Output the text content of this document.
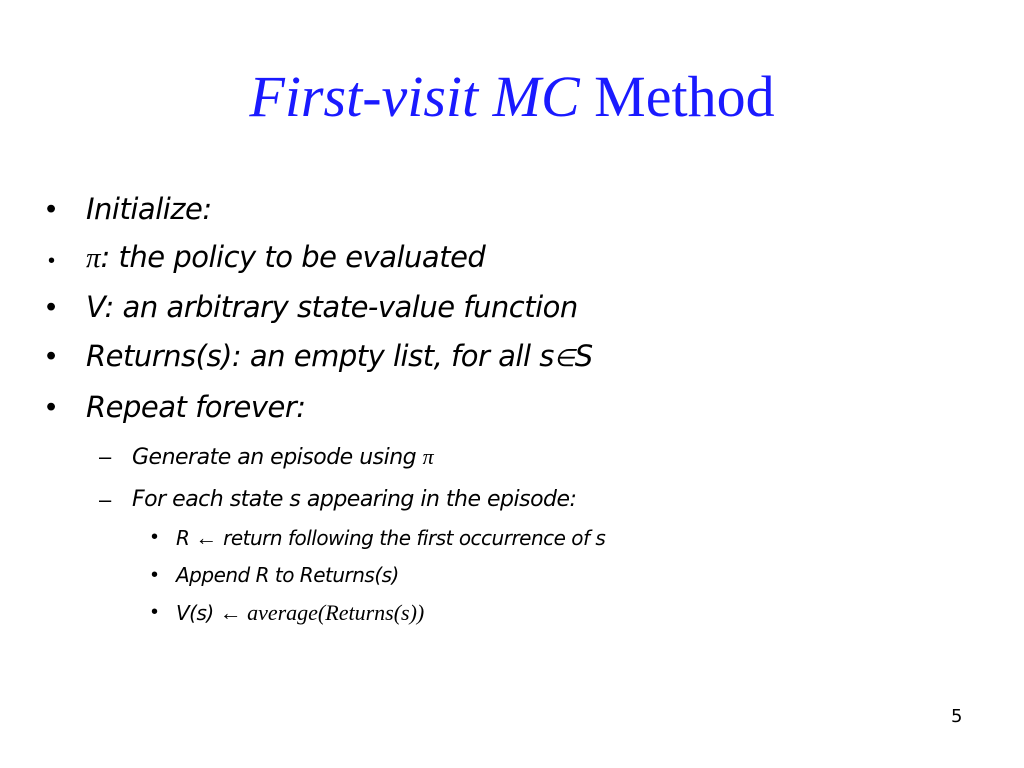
First-visit MC Method
• Initialize:
• π: the policy to be evaluated
• V: an arbitrary state-value function
• Returns(s): an empty list, for all s∈S
• Repeat forever:
– Generate an episode using π
– For each state s appearing in the episode:
• R ← return following the first occurrence of s
• Append R to Returns(s)
• V(s) ← average(Returns(s))
5
